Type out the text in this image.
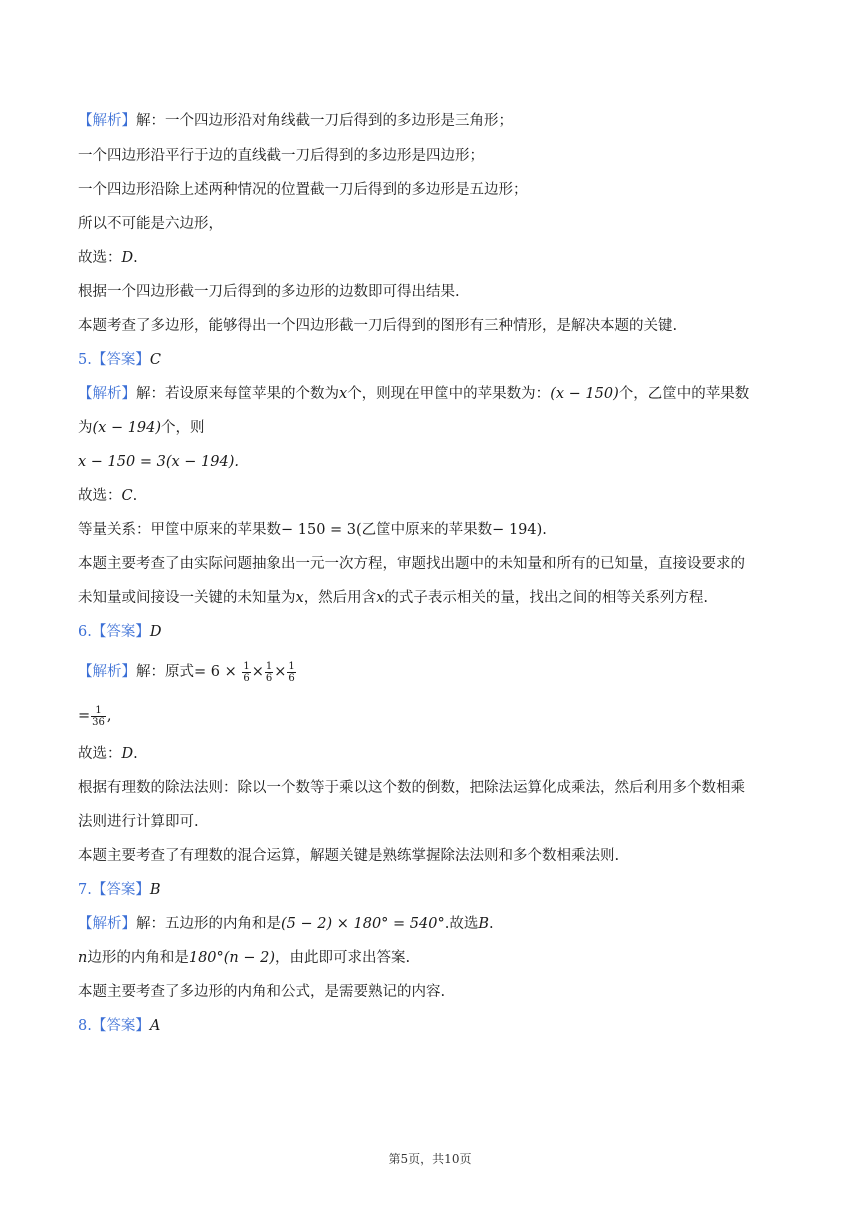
【解析】解：一个四边形沿对角线截一刀后得到的多边形是三角形；
一个四边形沿平行于边的直线截一刀后得到的多边形是四边形；
一个四边形沿除上述两种情况的位置截一刀后得到的多边形是五边形；
所以不可能是六边形，
故选：D.
根据一个四边形截一刀后得到的多边形的边数即可得出结果.
本题考查了多边形，能够得出一个四边形截一刀后得到的图形有三种情形，是解决本题的关键.
5.【答案】C
【解析】解：若设原来每筐苹果的个数为x个，则现在甲筐中的苹果数为：(x − 150)个，乙筐中的苹果数
为(x − 194)个，则
x − 150 = 3(x − 194).
故选：C.
等量关系：甲筐中原来的苹果数− 150 = 3(乙筐中原来的苹果数− 194).
本题主要考查了由实际问题抽象出一元一次方程，审题找出题中的未知量和所有的已知量，直接设要求的
未知量或间接设一关键的未知量为x，然后用含x的式子表示相关的量，找出之间的相等关系列方程.
6.【答案】D
【解析】解：原式= $6 \times \frac{1}{6} \times \frac{1}{6} \times \frac{1}{6}$
= $\frac{1}{36}$ ,
故选：D.
根据有理数的除法法则：除以一个数等于乘以这个数的倒数，把除法运算化成乘法，然后利用多个数相乘
法则进行计算即可.
本题主要考查了有理数的混合运算，解题关键是熟练掌握除法法则和多个数相乘法则.
7.【答案】B
【解析】解：五边形的内角和是(5 − 2) × 180° = 540°.故选B.
n边形的内角和是180°(n − 2)，由此即可求出答案.
本题主要考查了多边形的内角和公式，是需要熟记的内容.
8.【答案】A
第5页，共10页
